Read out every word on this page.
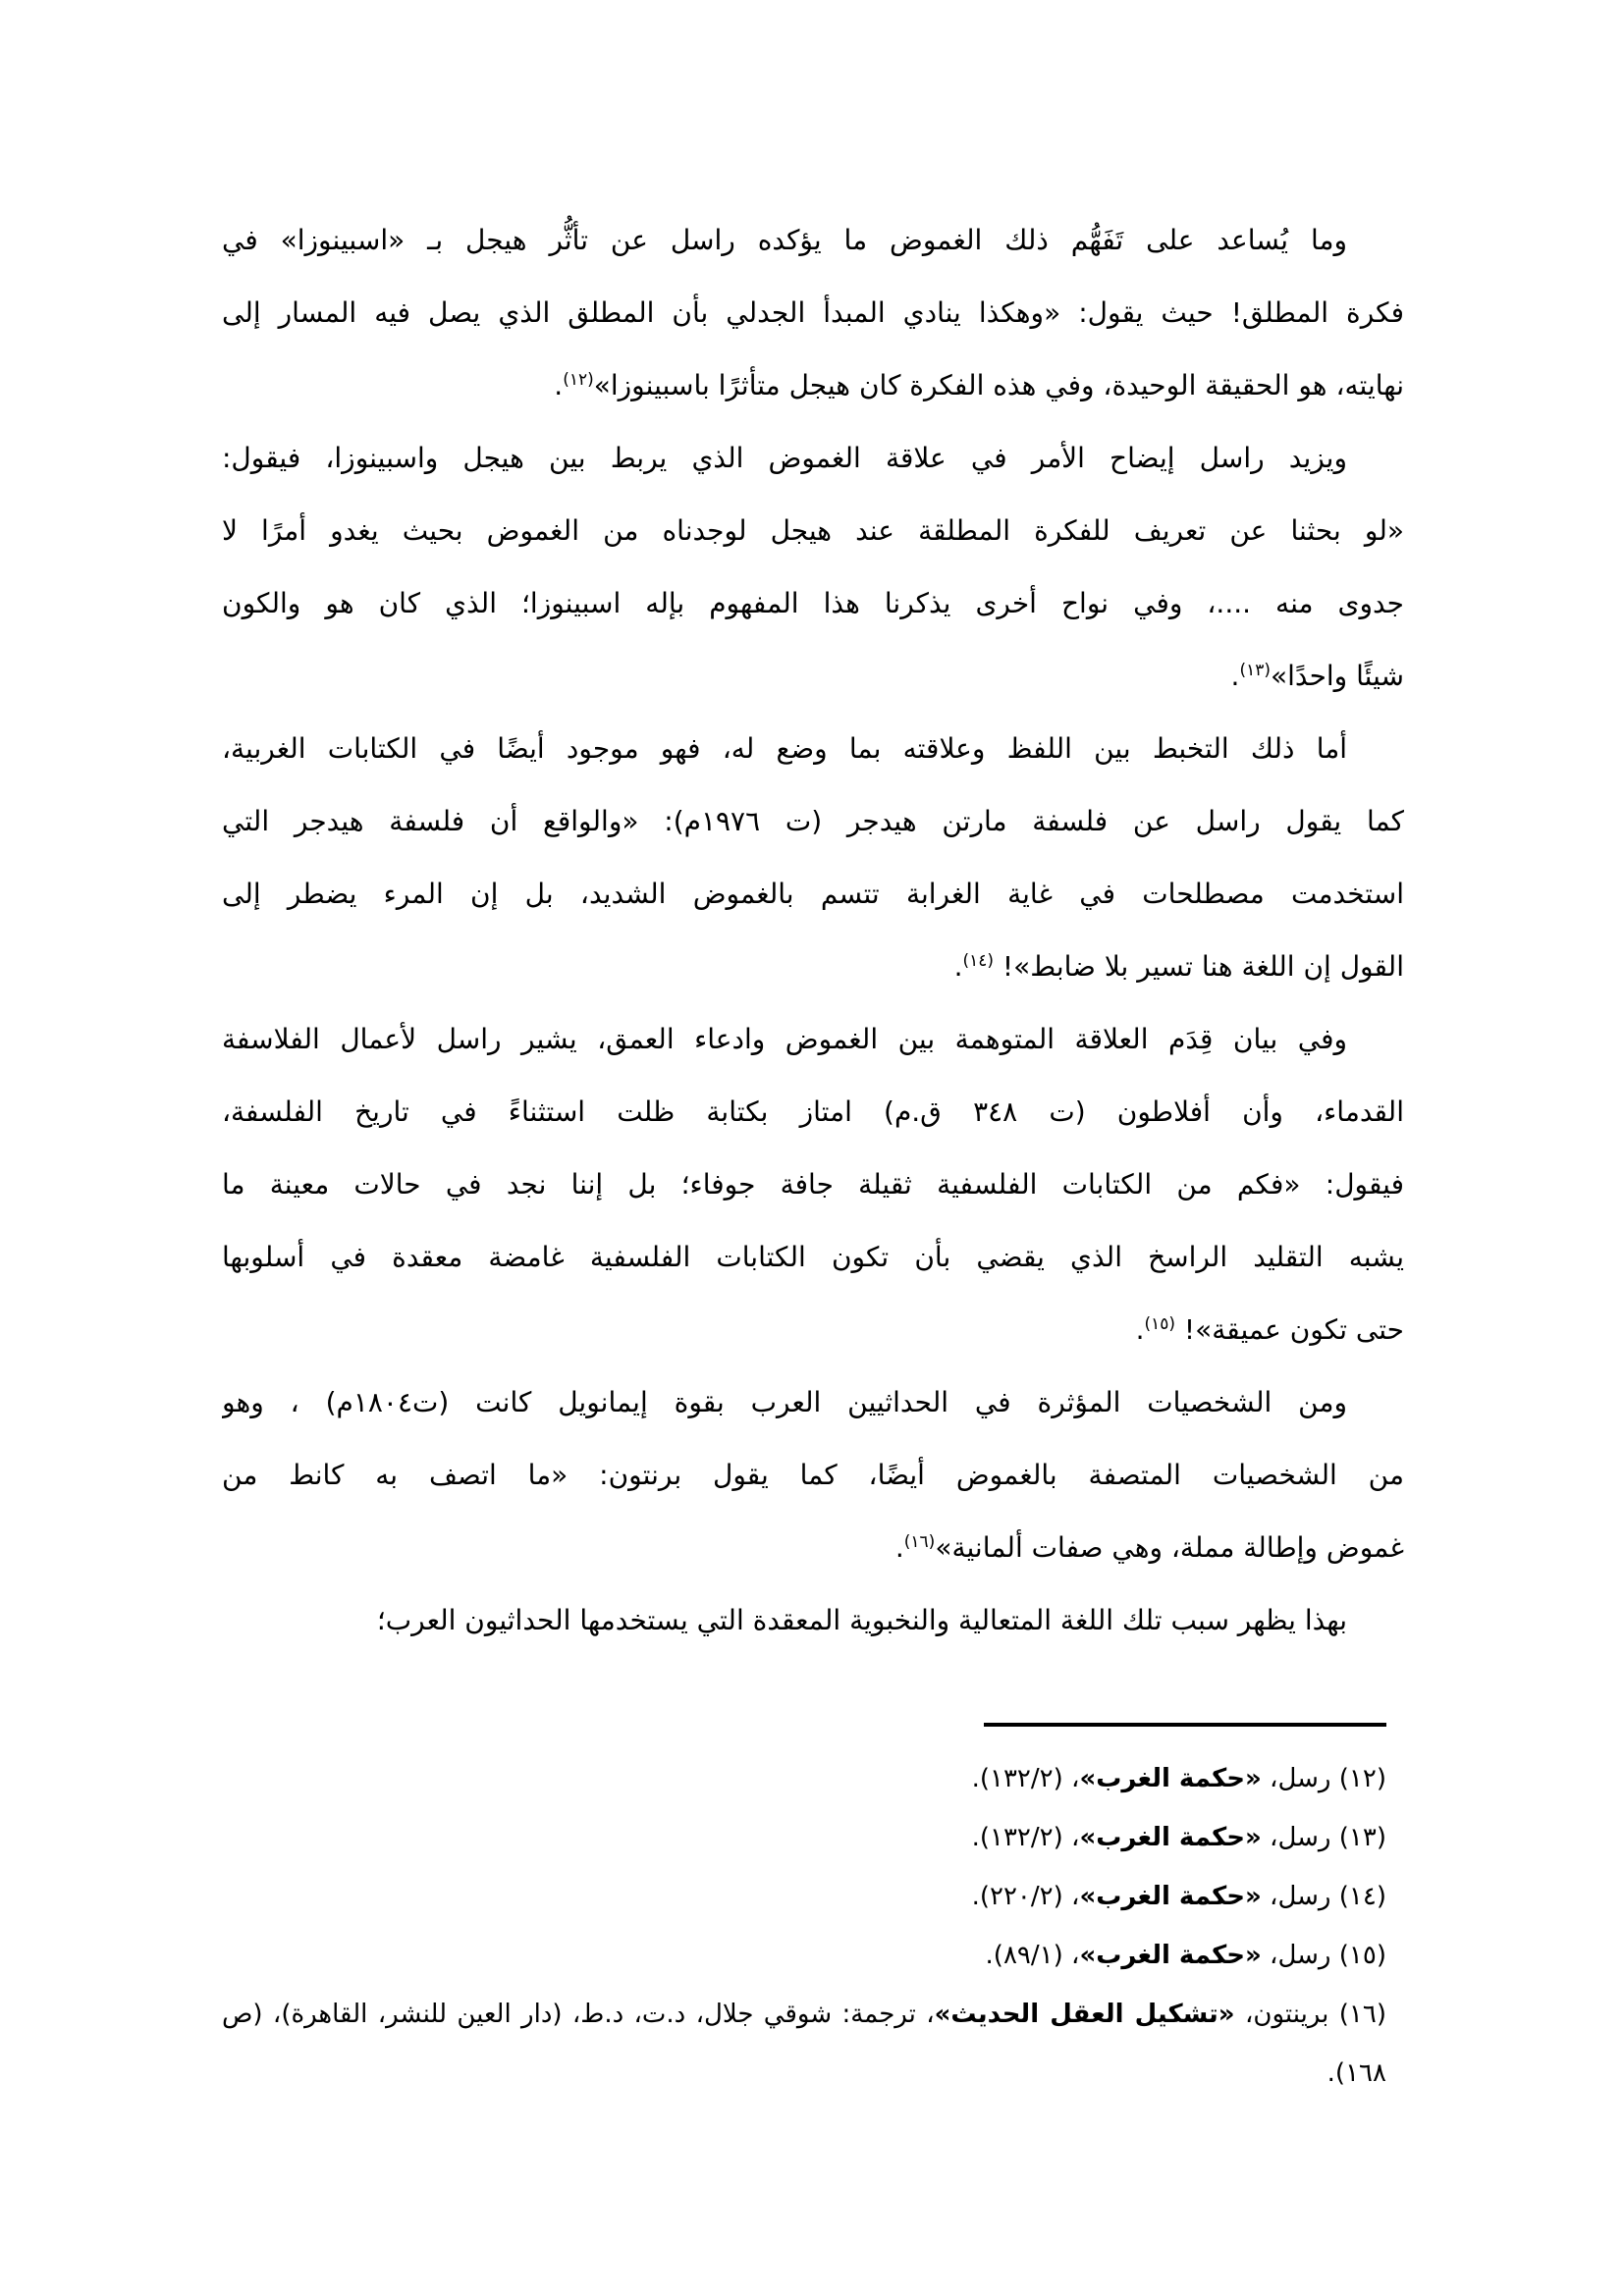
وما يُساعد على تَفَهُّم ذلك الغموض ما يؤكده راسل عن تأثُّر هيجل بـ «اسبينوزا» في
فكرة المطلق! حيث يقول: «وهكذا ينادي المبدأ الجدلي بأن المطلق الذي يصل فيه المسار إلى
نهايته، هو الحقيقة الوحيدة، وفي هذه الفكرة كان هيجل متأثرًا باسبينوزا»$^{(١٢)}$.
ويزيد راسل إيضاح الأمر في علاقة الغموض الذي يربط بين هيجل واسبينوزا، فيقول:
«لو بحثنا عن تعريف للفكرة المطلقة عند هيجل لوجدناه من الغموض بحيث يغدو أمرًا لا
جدوى منه ....، وفي نواح أخرى يذكرنا هذا المفهوم بإله اسبينوزا؛ الذي كان هو والكون
شيئًا واحدًا»$^{(١٣)}$.
أما ذلك التخبط بين اللفظ وعلاقته بما وضع له، فهو موجود أيضًا في الكتابات الغربية،
كما يقول راسل عن فلسفة مارتن هيدجر (ت ١٩٧٦م): «والواقع أن فلسفة هيدجر التي
استخدمت مصطلحات في غاية الغرابة تتسم بالغموض الشديد، بل إن المرء يضطر إلى
القول إن اللغة هنا تسير بلا ضابط»! $^{(١٤)}$.
وفي بيان قِدَم العلاقة المتوهمة بين الغموض وادعاء العمق، يشير راسل لأعمال الفلاسفة
القدماء، وأن أفلاطون (ت ٣٤٨ ق.م) امتاز بكتابة ظلت استثناءً في تاريخ الفلسفة،
فيقول: «فكم من الكتابات الفلسفية ثقيلة جافة جوفاء؛ بل إننا نجد في حالات معينة ما
يشبه التقليد الراسخ الذي يقضي بأن تكون الكتابات الفلسفية غامضة معقدة في أسلوبها
حتى تكون عميقة»! $^{(١٥)}$.
ومن الشخصيات المؤثرة في الحداثيين العرب بقوة إيمانويل كانت (ت١٨٠٤م) ، وهو
من الشخصيات المتصفة بالغموض أيضًا، كما يقول برنتون: «ما اتصف به كانط من
غموض وإطالة مملة، وهي صفات ألمانية»$^{(١٦)}$.
بهذا يظهر سبب تلك اللغة المتعالية والنخبوية المعقدة التي يستخدمها الحداثيون العرب؛
(١٢) رسل، «حكمة الغرب»، (١٣٢/٢).
(١٣) رسل، «حكمة الغرب»، (١٣٢/٢).
(١٤) رسل، «حكمة الغرب»، (٢٢٠/٢).
(١٥) رسل، «حكمة الغرب»، (٨٩/١).
(١٦) برينتون، «تشكيل العقل الحديث»، ترجمة: شوقي جلال، د.ت، د.ط، (دار العين للنشر، القاهرة)، (ص
١٦٨).
